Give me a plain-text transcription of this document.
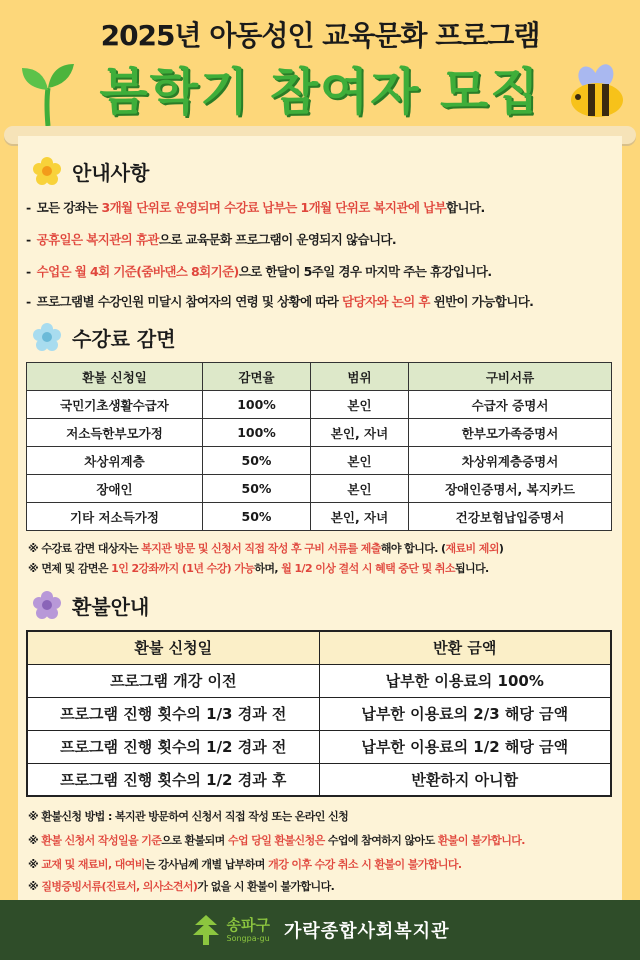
2025년 아동성인 교육문화 프로그램
봄학기 참여자 모집
안내사항
- 모든 강좌는 3개월 단위로 운영되며 수강료 납부는 1개월 단위로 복지관에 납부합니다.
- 공휴일은 복지관의 휴관으로 교육문화 프로그램이 운영되지 않습니다.
- 수업은 월 4회 기준(줌바댄스 8회기준)으로 한달이 5주일 경우 마지막 주는 휴강입니다.
- 프로그램별 수강인원 미달시 참여자의 연령 및 상황에 따라 담당자와 논의 후 윈반이 가능합니다.
수강료 감면
환불 신청일	감면율	범위	구비서류
국민기초생활수급자	100%	본인	수급자 증명서
저소득한부모가정	100%	본인, 자녀	한부모가족증명서
차상위계층	50%	본인	차상위계층증명서
장애인	50%	본인	장애인증명서, 복지카드
기타 저소득가정	50%	본인, 자녀	건강보험납입증명서
※ 수강료 감면 대상자는 복지관 방문 및 신청서 직접 작성 후 구비 서류를 제출해야 합니다. (재료비 제외)
※ 면제 및 감면은 1인 2강좌까지 (1년 수강) 가능하며, 월 1/2 이상 결석 시 혜택 중단 및 취소됩니다.
환불안내
환불 신청일	반환 금액
프로그램 개강 이전	납부한 이용료의 100%
프로그램 진행 횟수의 1/3 경과 전	납부한 이용료의 2/3 해당 금액
프로그램 진행 횟수의 1/2 경과 전	납부한 이용료의 1/2 해당 금액
프로그램 진행 횟수의 1/2 경과 후	반환하지 아니함
※ 환불신청 방법 : 복지관 방문하여 신청서 직접 작성 또는 온라인 신청
※ 환불 신청서 작성일을 기준으로 환불되며 수업 당일 환불신청은 수업에 참여하지 않아도 환불이 불가합니다.
※ 교재 및 재료비, 대여비는 강사님께 개별 납부하며 개강 이후 수강 취소 시 환불이 불가합니다.
※ 질병증빙서류(진료서, 의사소견서)가 없을 시 환불이 불가합니다.
송파구
Songpa-gu 가락종합사회복지관
